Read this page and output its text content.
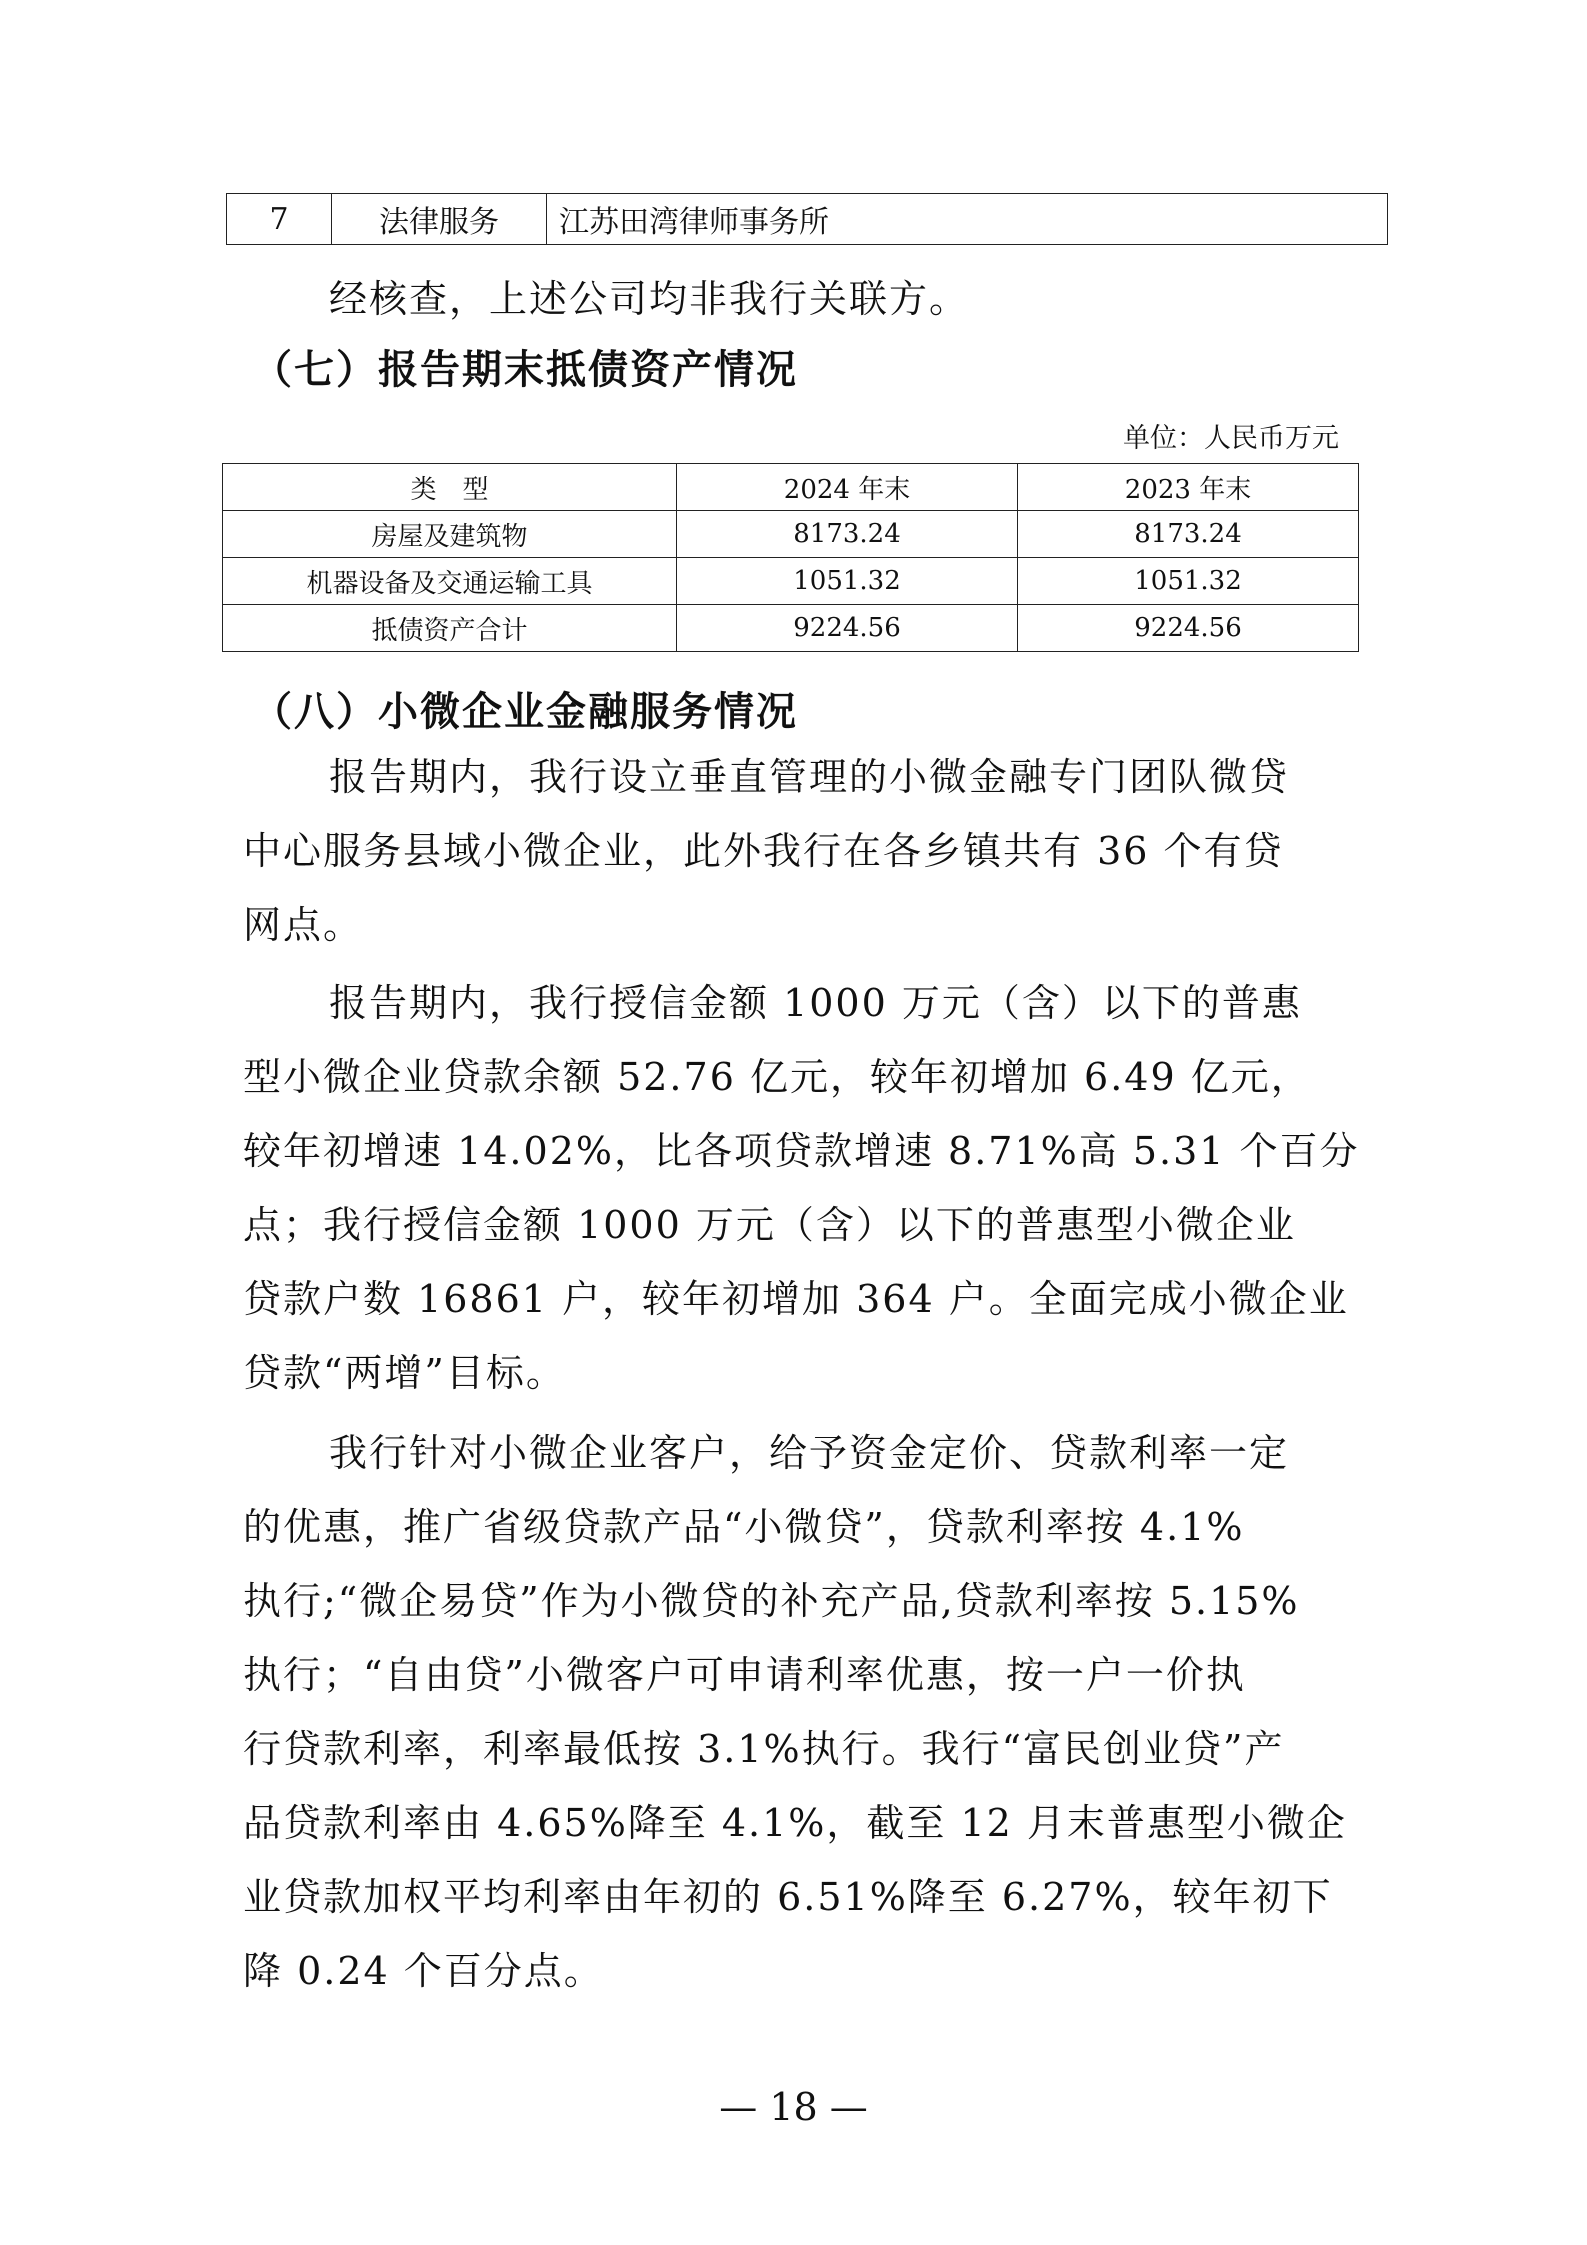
7	法律服务	江苏田湾律师事务所
经核查，上述公司均非我行关联方。
（七）报告期末抵债资产情况
单位：人民币万元
类　型	2024 年末	2023 年末
房屋及建筑物	8173.24	8173.24
机器设备及交通运输工具	1051.32	1051.32
抵债资产合计	9224.56	9224.56
（八）小微企业金融服务情况
报告期内，我行设立垂直管理的小微金融专门团队微贷
中心服务县域小微企业，此外我行在各乡镇共有 36 个有贷
网点。
报告期内，我行授信金额 1000 万元（含）以下的普惠
型小微企业贷款余额 52.76 亿元，较年初增加 6.49 亿元，
较年初增速 14.02%，比各项贷款增速 8.71%高 5.31 个百分
点；我行授信金额 1000 万元（含）以下的普惠型小微企业
贷款户数 16861 户，较年初增加 364 户。全面完成小微企业
贷款“两增”目标。
我行针对小微企业客户，给予资金定价、贷款利率一定
的优惠，推广省级贷款产品“小微贷”，贷款利率按 4.1%
执行;“微企易贷”作为小微贷的补充产品,贷款利率按 5.15%
执行；“自由贷”小微客户可申请利率优惠，按一户一价执
行贷款利率，利率最低按 3.1%执行。我行“富民创业贷”产
品贷款利率由 4.65%降至 4.1%，截至 12 月末普惠型小微企
业贷款加权平均利率由年初的 6.51%降至 6.27%，较年初下
降 0.24 个百分点。
— 18 —
